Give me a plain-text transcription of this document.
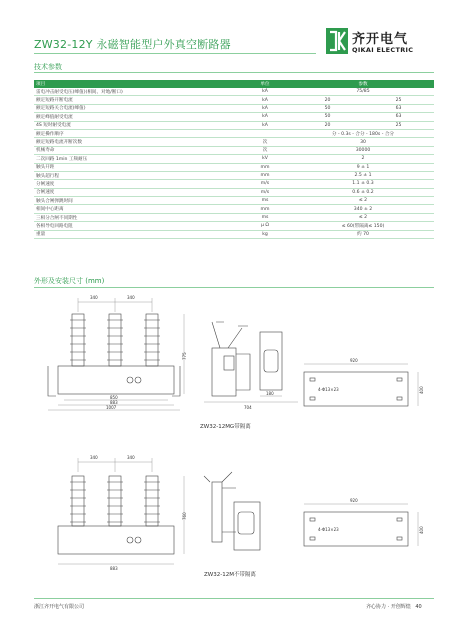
ZW32-12Y 永磁智能型户外真空断路器	齐开电气
QIKAI ELECTRIC
技术参数
项目	单位	参数	
雷电冲击耐受电压(峰值)(相间、对地/断口)	kA	75/85	
额定短路开断电流	kA	20	25
额定短路关合电流(峰值)	kA	50	63
额定峰值耐受电流	kA	50	63
4S 短时耐受电流	kA	20	25
额定操作顺序		分 - 0.3s - 合分 - 180s - 合分	
额定短路电流开断次数	次	30	
机械寿命	次	30000	
二次回路 1min 工频耐压	kV	2	
触头开距	mm	9 ± 1	
触头超行程	mm	2.5 ± 1	
分闸速度	m/s	1.1 ± 0.3	
合闸速度	m/s	0.6 ± 0.2	
触头合闸弹跳时间	ms	≤ 2	
相间中心距离	mm	340 ± 2	
三相分合闸不同期性	ms	≤ 2	
各相导电回路电阻	μ Ω	≤ 60(带隔离≤ 150)	
重量	kg	约 70	
外形及安装尺寸 (mm)
340	340
775
850
883
1007
180
704
920
4-Φ13×23	400
ZW32-12MG带隔离
340	340
760
883
920
4-Φ13×23	400
ZW32-12M不带隔离
浙江齐开电气有限公司	齐心协力 · 开创辉煌 40
